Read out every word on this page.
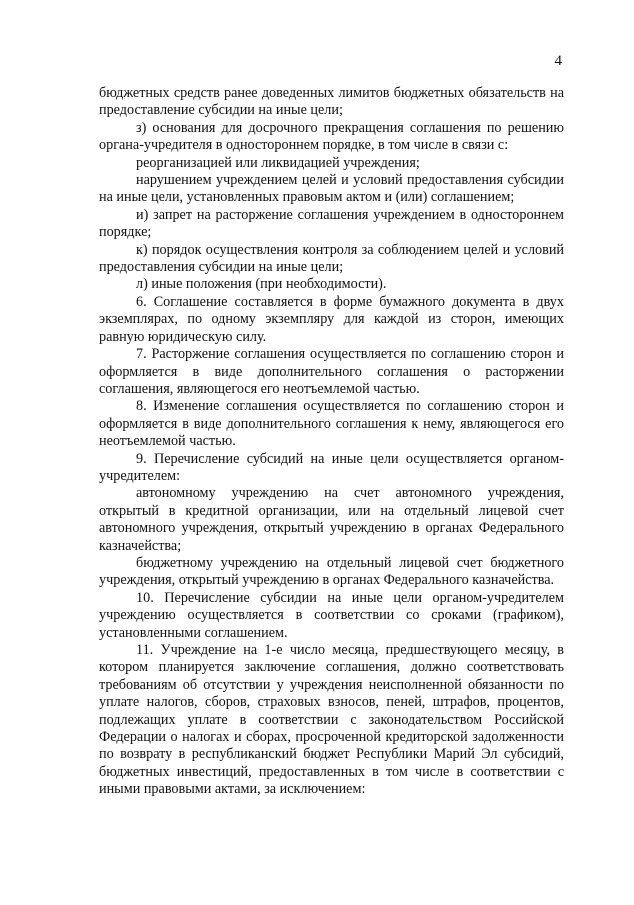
4

бюджетных средств ранее доведенных лимитов бюджетных обязательств на предоставление субсидии на иные цели;

з) основания для досрочного прекращения соглашения по решению органа-учредителя в одностороннем порядке, в том числе в связи с:

реорганизацией или ликвидацией учреждения;

нарушением учреждением целей и условий предоставления субсидии на иные цели, установленных правовым актом и (или) соглашением;

и) запрет на расторжение соглашения учреждением в одностороннем порядке;

к) порядок осуществления контроля за соблюдением целей и условий предоставления субсидии на иные цели;

л) иные положения (при необходимости).

6. Соглашение составляется в форме бумажного документа в двух экземплярах, по одному экземпляру для каждой из сторон, имеющих равную юридическую силу.

7. Расторжение соглашения осуществляется по соглашению сторон и оформляется в виде дополнительного соглашения о расторжении соглашения, являющегося его неотъемлемой частью.

8. Изменение соглашения осуществляется по соглашению сторон и оформляется в виде дополнительного соглашения к нему, являющегося его неотъемлемой частью.

9. Перечисление субсидий на иные цели осуществляется органом-учредителем:

автономному учреждению на счет автономного учреждения, открытый в кредитной организации, или на отдельный лицевой счет автономного учреждения, открытый учреждению в органах Федерального казначейства;

бюджетному учреждению на отдельный лицевой счет бюджетного учреждения, открытый учреждению в органах Федерального казначейства.

10. Перечисление субсидии на иные цели органом-учредителем учреждению осуществляется в соответствии со сроками (графиком), установленными соглашением.

11. Учреждение на 1-е число месяца, предшествующего месяцу, в котором планируется заключение соглашения, должно соответствовать требованиям об отсутствии у учреждения неисполненной обязанности по уплате налогов, сборов, страховых взносов, пеней, штрафов, процентов, подлежащих уплате в соответствии с законодательством Российской Федерации о налогах и сборах, просроченной кредиторской задолженности по возврату в республиканский бюджет Республики Марий Эл субсидий, бюджетных инвестиций, предоставленных в том числе в соответствии с иными правовыми актами, за исключением:
